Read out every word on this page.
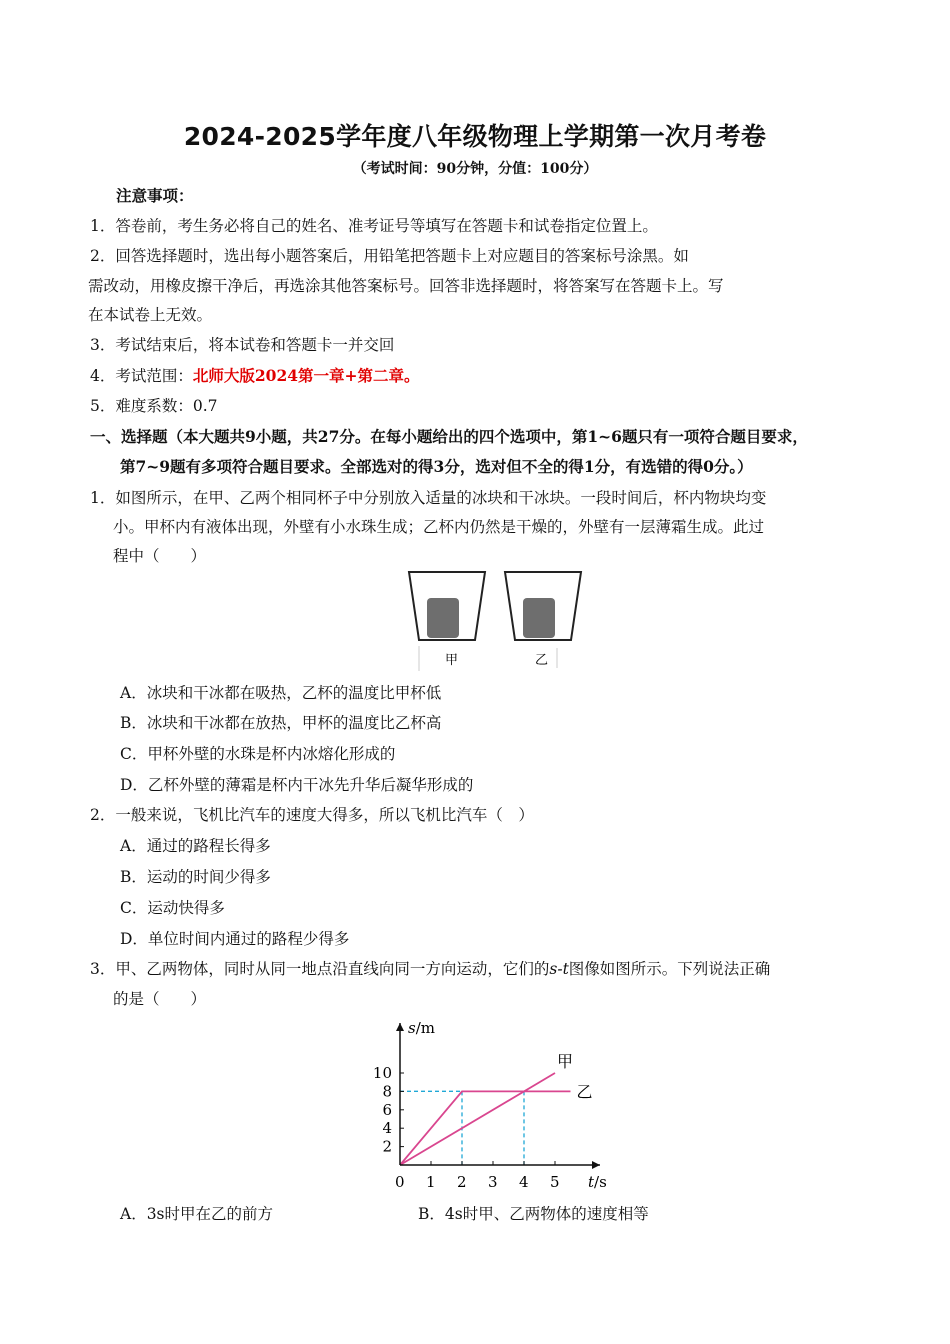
2024-2025学年度八年级物理上学期第一次月考卷
（考试时间：90分钟，分值：100分）
注意事项：
1．答卷前，考生务必将自己的姓名、准考证号等填写在答题卡和试卷指定位置上。
2．回答选择题时，选出每小题答案后，用铅笔把答题卡上对应题目的答案标号涂黑。如
需改动，用橡皮擦干净后，再选涂其他答案标号。回答非选择题时，将答案写在答题卡上。写
在本试卷上无效。
3．考试结束后，将本试卷和答题卡一并交回
4．考试范围：北师大版2024第一章+第二章。
5．难度系数：0.7
一、选择题（本大题共9小题，共27分。在每小题给出的四个选项中，第1~6题只有一项符合题目要求，
第7~9题有多项符合题目要求。全部选对的得3分，选对但不全的得1分，有选错的得0分。）
1．如图所示，在甲、乙两个相同杯子中分别放入适量的冰块和干冰块。一段时间后，杯内物块均变
小。甲杯内有液体出现，外壁有小水珠生成；乙杯内仍然是干燥的，外壁有一层薄霜生成。此过
程中（　　）
甲	乙
A．冰块和干冰都在吸热，乙杯的温度比甲杯低
B．冰块和干冰都在放热，甲杯的温度比乙杯高
C．甲杯外壁的水珠是杯内冰熔化形成的
D．乙杯外壁的薄霜是杯内干冰先升华后凝华形成的
2．一般来说，飞机比汽车的速度大得多，所以飞机比汽车（　）
A．通过的路程长得多
B．运动的时间少得多
C．运动快得多
D．单位时间内通过的路程少得多
3．甲、乙两物体，同时从同一地点沿直线向同一方向运动，它们的s-t图像如图所示。下列说法正确
的是（　　）
甲
乙
0 1 2 3 4 5
2
4
6
8
10
s/m
t/s
A．3s时甲在乙的前方	B．4s时甲、乙两物体的速度相等
